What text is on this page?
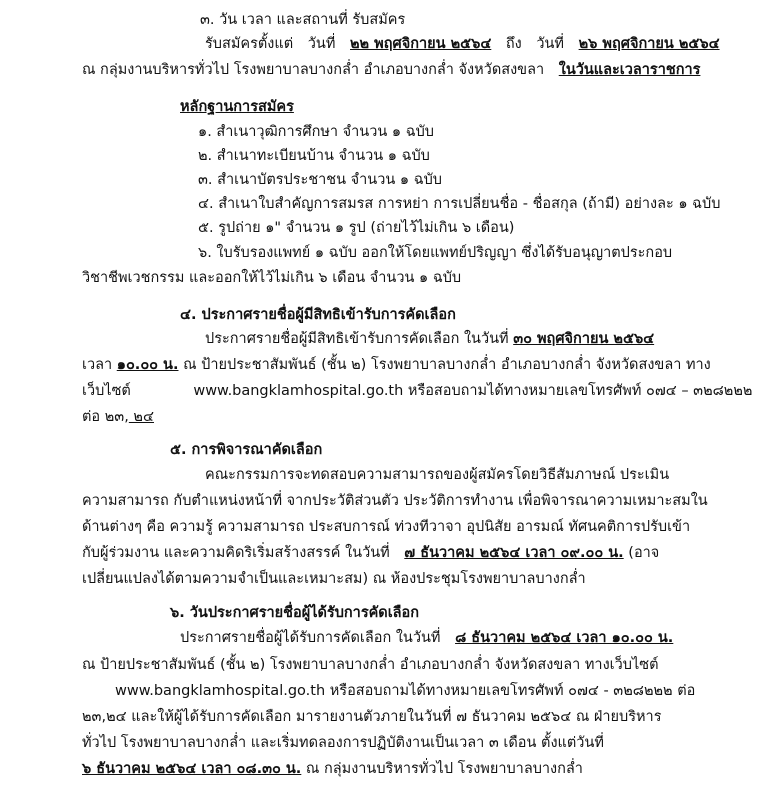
๓. วัน เวลา และสถานที่ รับสมัคร
รับสมัครตั้งแต่ วันที่ ๒๒ พฤศจิกายน ๒๕๖๔ ถึง วันที่ ๒๖ พฤศจิกายน ๒๕๖๔
ณ กลุ่มงานบริหารทั่วไป โรงพยาบาลบางกล่ำ อำเภอบางกล่ำ จังหวัดสงขลา ในวันและเวลาราชการ
หลักฐานการสมัคร
๑. สำเนาวุฒิการศึกษา จำนวน ๑ ฉบับ
๒. สำเนาทะเบียนบ้าน จำนวน ๑ ฉบับ
๓. สำเนาบัตรประชาชน จำนวน ๑ ฉบับ
๔. สำเนาใบสำคัญการสมรส การหย่า การเปลี่ยนชื่อ - ชื่อสกุล (ถ้ามี) อย่างละ ๑ ฉบับ
๕. รูปถ่าย ๑" จำนวน ๑ รูป (ถ่ายไว้ไม่เกิน ๖ เดือน)
๖. ใบรับรองแพทย์ ๑ ฉบับ ออกให้โดยแพทย์ปริญญา ซึ่งได้รับอนุญาตประกอบ
วิชาชีพเวชกรรม และออกให้ไว้ไม่เกิน ๖ เดือน จำนวน ๑ ฉบับ
๔. ประกาศรายชื่อผู้มีสิทธิเข้ารับการคัดเลือก
ประกาศรายชื่อผู้มีสิทธิเข้ารับการคัดเลือก ในวันที่ ๓๐ พฤศจิกายน ๒๕๖๔
เวลา ๑๐.๐๐ น. ณ ป้ายประชาสัมพันธ์ (ชั้น ๒) โรงพยาบาลบางกล่ำ อำเภอบางกล่ำ จังหวัดสงขลา ทาง
เว็บไซต์	www.bangklamhospital.go.th หรือสอบถามได้ทางหมายเลขโทรศัพท์ ๐๗๔ – ๓๒๘๒๒๒
ต่อ ๒๓, ๒๔
๕. การพิจารณาคัดเลือก
คณะกรรมการจะทดสอบความสามารถของผู้สมัครโดยวิธีสัมภาษณ์ ประเมิน
ความสามารถ กับตำแหน่งหน้าที่ จากประวัติส่วนตัว ประวัติการทำงาน เพื่อพิจารณาความเหมาะสมใน
ด้านต่างๆ คือ ความรู้ ความสามารถ ประสบการณ์ ท่วงทีวาจา อุปนิสัย อารมณ์ ทัศนคติการปรับเข้า
กับผู้ร่วมงาน และความคิดริเริ่มสร้างสรรค์ ในวันที่ ๗ ธันวาคม ๒๕๖๔ เวลา ๐๙.๐๐ น. (อาจ
เปลี่ยนแปลงได้ตามความจำเป็นและเหมาะสม) ณ ห้องประชุมโรงพยาบาลบางกล่ำ
๖. วันประกาศรายชื่อผู้ได้รับการคัดเลือก
ประกาศรายชื่อผู้ได้รับการคัดเลือก ในวันที่ ๘ ธันวาคม ๒๕๖๔ เวลา ๑๐.๐๐ น.
ณ ป้ายประชาสัมพันธ์ (ชั้น ๒) โรงพยาบาลบางกล่ำ อำเภอบางกล่ำ จังหวัดสงขลา ทางเว็บไซต์
www.bangklamhospital.go.th หรือสอบถามได้ทางหมายเลขโทรศัพท์ ๐๗๔ - ๓๒๘๒๒๒ ต่อ
๒๓,๒๔ และให้ผู้ได้รับการคัดเลือก มารายงานตัวภายในวันที่ ๗ ธันวาคม ๒๕๖๔ ณ ฝ่ายบริหาร
ทั่วไป โรงพยาบาลบางกล่ำ และเริ่มทดลองการปฏิบัติงานเป็นเวลา ๓ เดือน ตั้งแต่วันที่
๖ ธันวาคม ๒๕๖๔ เวลา ๐๘.๓๐ น. ณ กลุ่มงานบริหารทั่วไป โรงพยาบาลบางกล่ำ
